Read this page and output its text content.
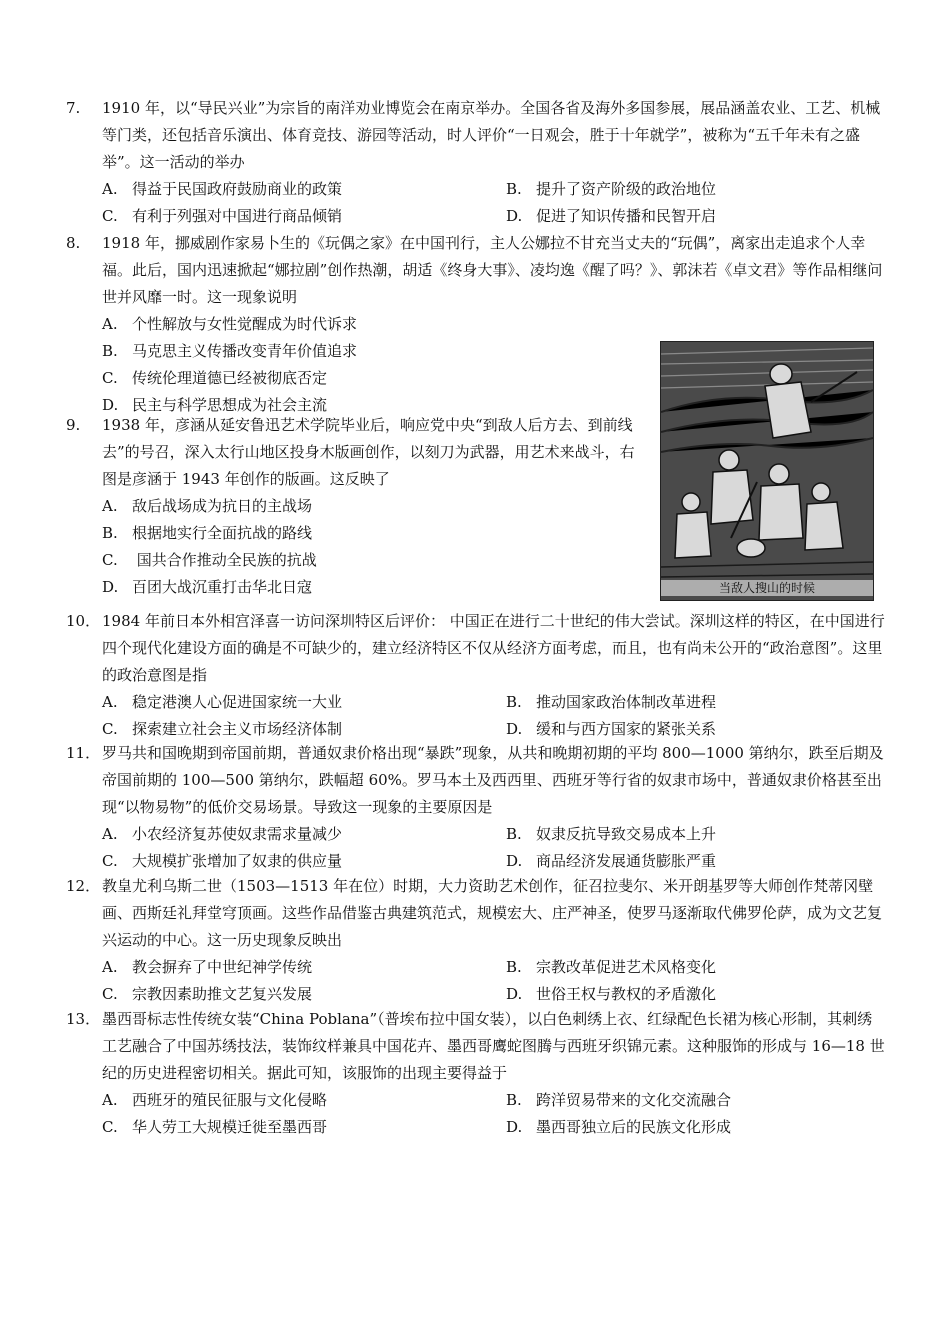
7. 1910 年，以“导民兴业”为宗旨的南洋劝业博览会在南京举办。全国各省及海外多国参展，展品涵盖农业、工艺、机械等门类，还包括音乐演出、体育竞技、游园等活动，时人评价“一日观会，胜于十年就学”，被称为“五千年未有之盛举”。这一活动的举办
A. 得益于民国政府鼓励商业的政策	B. 提升了资产阶级的政治地位
C. 有利于列强对中国进行商品倾销	D. 促进了知识传播和民智开启
8. 1918 年，挪威剧作家易卜生的《玩偶之家》在中国刊行，主人公娜拉不甘充当丈夫的“玩偶”，离家出走追求个人幸福。此后，国内迅速掀起“娜拉剧”创作热潮，胡适《终身大事》、凌均逸《醒了吗？》、郭沫若《卓文君》等作品相继问世并风靡一时。这一现象说明
A. 个性解放与女性觉醒成为时代诉求
B. 马克思主义传播改变青年价值追求
C. 传统伦理道德已经被彻底否定
D. 民主与科学思想成为社会主流
9. 1938 年，彦涵从延安鲁迅艺术学院毕业后，响应党中央“到敌人后方去、到前线去”的号召，深入太行山地区投身木版画创作，以刻刀为武器，用艺术来战斗，右图是彦涵于 1943 年创作的版画。这反映了
A. 敌后战场成为抗日的主战场
B. 根据地实行全面抗战的路线
C. 国共合作推动全民族的抗战
D. 百团大战沉重打击华北日寇	当敌人搜山的时候
10． 1984 年前日本外相宫泽喜一访问深圳特区后评价： 中国正在进行二十世纪的伟大尝试。深圳这样的特区，在中国进行四个现代化建设方面的确是不可缺少的，建立经济特区不仅从经济方面考虑，而且，也有尚未公开的“政治意图”。这里的政治意图是指
A. 稳定港澳人心促进国家统一大业	B. 推动国家政治体制改革进程
C. 探索建立社会主义市场经济体制	D. 缓和与西方国家的紧张关系
11． 罗马共和国晚期到帝国前期，普通奴隶价格出现“暴跌”现象，从共和晚期初期的平均 800—1000 第纳尔，跌至后期及帝国前期的 100—500 第纳尔，跌幅超 60%。罗马本土及西西里、西班牙等行省的奴隶市场中，普通奴隶价格甚至出现“以物易物”的低价交易场景。导致这一现象的主要原因是
A. 小农经济复苏使奴隶需求量减少	B. 奴隶反抗导致交易成本上升
C. 大规模扩张增加了奴隶的供应量	D. 商品经济发展通货膨胀严重
12． 教皇尤利乌斯二世（1503—1513 年在位）时期，大力资助艺术创作，征召拉斐尔、米开朗基罗等大师创作梵蒂冈壁画、西斯廷礼拜堂穹顶画。这些作品借鉴古典建筑范式，规模宏大、庄严神圣，使罗马逐渐取代佛罗伦萨，成为文艺复兴运动的中心。这一历史现象反映出
A. 教会摒弃了中世纪神学传统	B. 宗教改革促进艺术风格变化
C. 宗教因素助推文艺复兴发展	D. 世俗王权与教权的矛盾激化
13． 墨西哥标志性传统女装“China Poblana”（普埃布拉中国女装），以白色刺绣上衣、红绿配色长裙为核心形制，其刺绣工艺融合了中国苏绣技法，装饰纹样兼具中国花卉、墨西哥鹰蛇图腾与西班牙织锦元素。这种服饰的形成与 16—18 世纪的历史进程密切相关。据此可知，该服饰的出现主要得益于
A. 西班牙的殖民征服与文化侵略	B. 跨洋贸易带来的文化交流融合
C. 华人劳工大规模迁徙至墨西哥	D. 墨西哥独立后的民族文化形成
